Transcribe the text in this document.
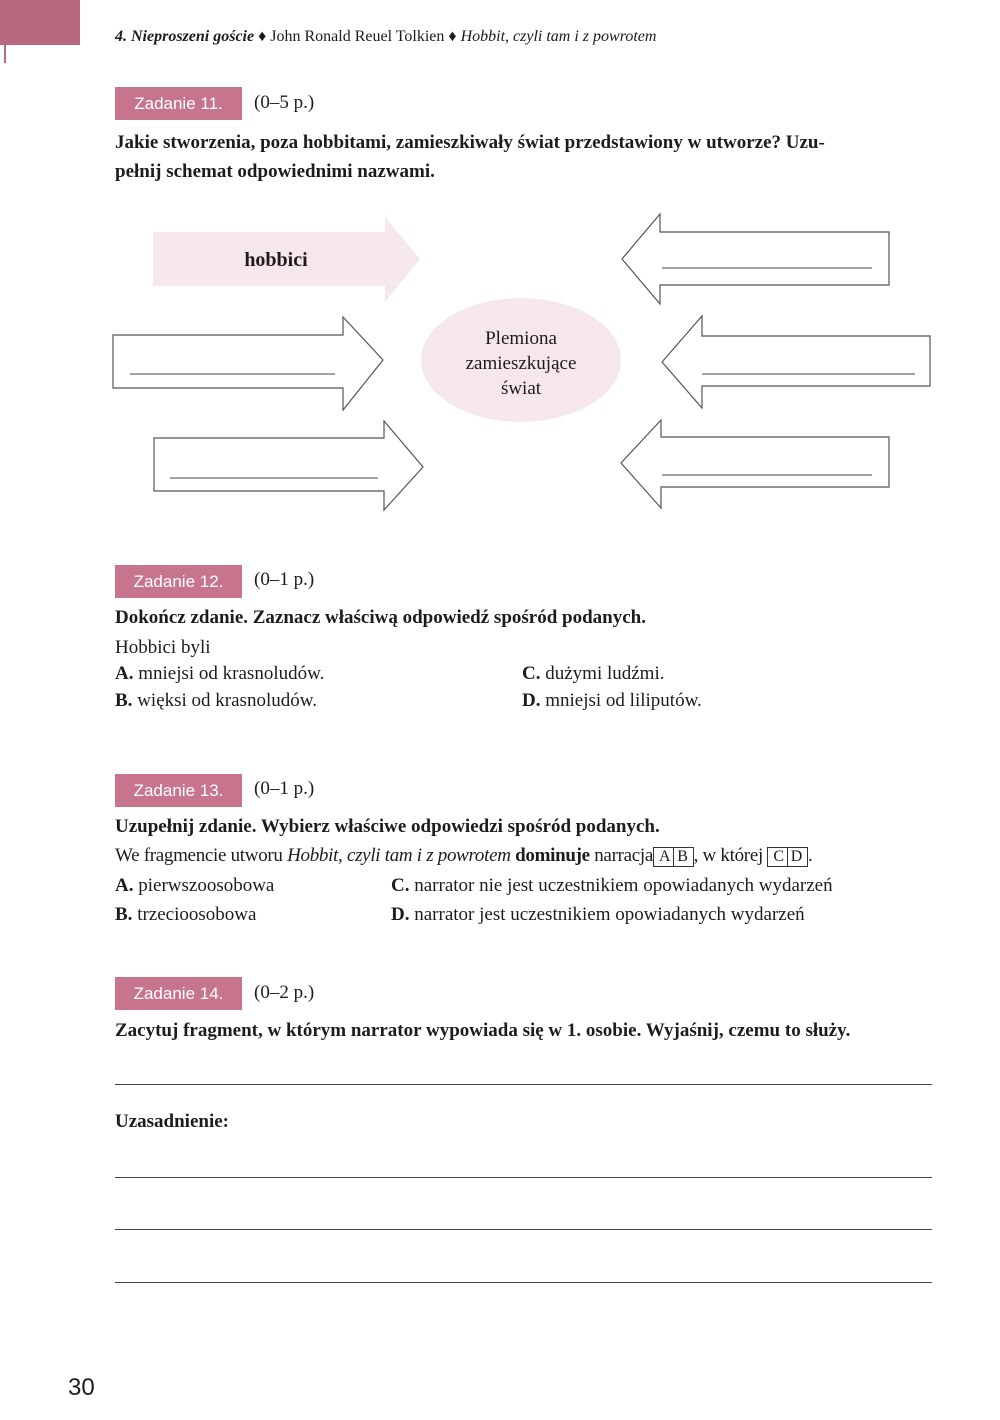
4. Nieproszeni goście ♦ John Ronald Reuel Tolkien ♦ Hobbit, czyli tam i z powrotem
Zadanie 11.	(0–5 p.)
Jakie stworzenia, poza hobbitami, zamieszkiwały świat przedstawiony w utworze? Uzu-
pełnij schemat odpowiednimi nazwami.
hobbici
Plemiona
zamieszkujące
świat
Zadanie 12.	(0–1 p.)
Dokończ zdanie. Zaznacz właściwą odpowiedź spośród podanych.
Hobbici byli
A. mniejsi od krasnoludów.
B. więksi od krasnoludów.
C. dużymi ludźmi.
D. mniejsi od liliputów.
Zadanie 13.	(0–1 p.)
Uzupełnij zdanie. Wybierz właściwe odpowiedzi spośród podanych.
We fragmencie utworu Hobbit, czyli tam i z powrotem dominuje narracja A B , w której C D .
A. pierwszoosobowa
B. trzecioosobowa
C. narrator nie jest uczestnikiem opowiadanych wydarzeń
D. narrator jest uczestnikiem opowiadanych wydarzeń
Zadanie 14.	(0–2 p.)
Zacytuj fragment, w którym narrator wypowiada się w 1. osobie. Wyjaśnij, czemu to służy.
Uzasadnienie:
30
